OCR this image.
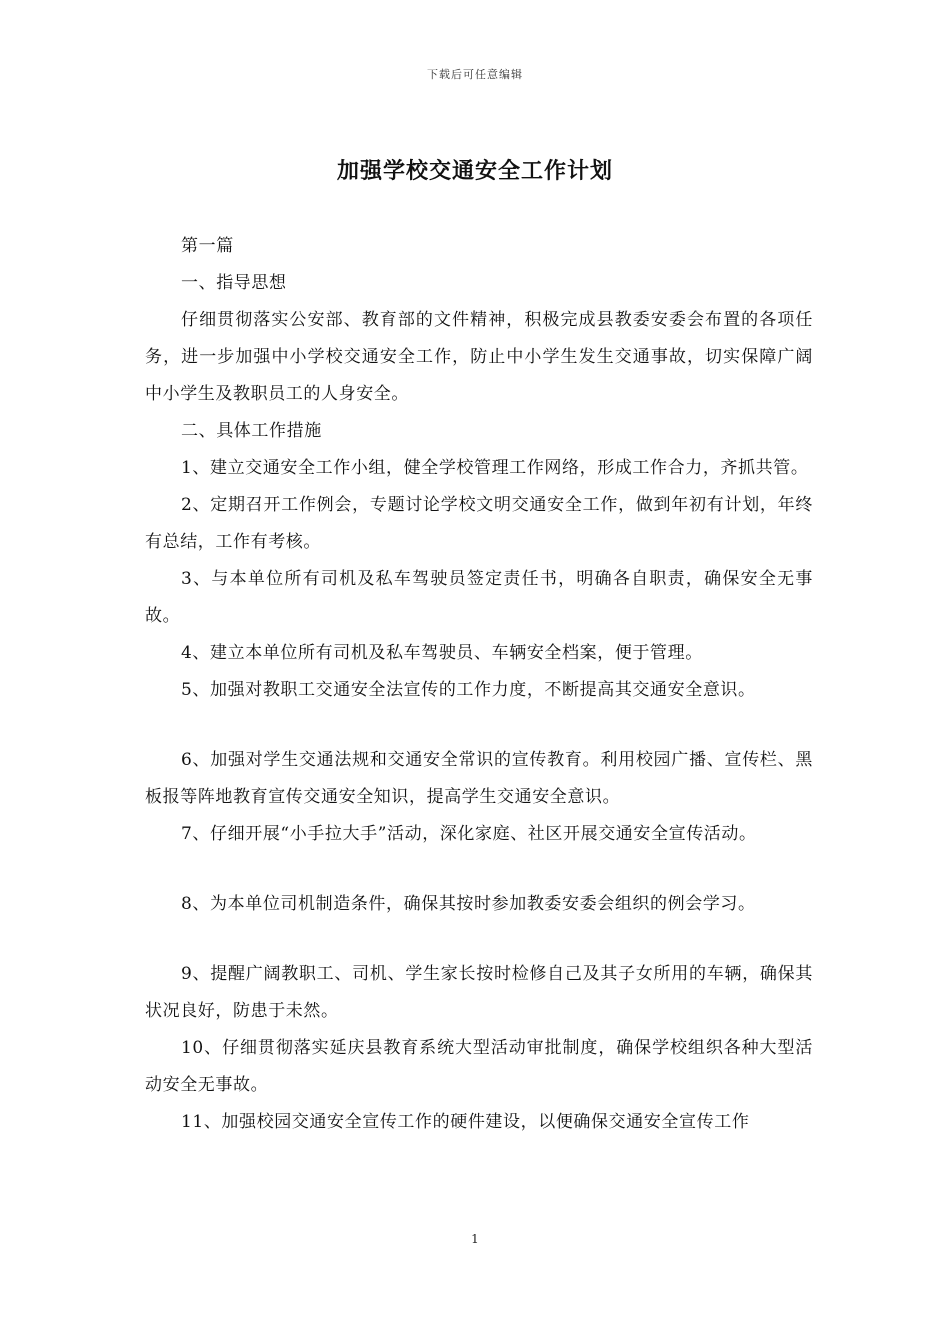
下载后可任意编辑
加强学校交通安全工作计划

第一篇

一、指导思想

仔细贯彻落实公安部、教育部的文件精神，积极完成县教委安委会布置的各项任务，进一步加强中小学校交通安全工作，防止中小学生发生交通事故，切实保障广阔中小学生及教职员工的人身安全。

二、具体工作措施

1、建立交通安全工作小组，健全学校管理工作网络，形成工作合力，齐抓共管。

2、定期召开工作例会，专题讨论学校文明交通安全工作，做到年初有计划，年终有总结，工作有考核。

3、与本单位所有司机及私车驾驶员签定责任书，明确各自职责，确保安全无事故。

4、建立本单位所有司机及私车驾驶员、车辆安全档案，便于管理。

5、加强对教职工交通安全法宣传的工作力度，不断提高其交通安全意识。

6、加强对学生交通法规和交通安全常识的宣传教育。利用校园广播、宣传栏、黑板报等阵地教育宣传交通安全知识，提高学生交通安全意识。

7、仔细开展“小手拉大手”活动，深化家庭、社区开展交通安全宣传活动。

8、为本单位司机制造条件，确保其按时参加教委安委会组织的例会学习。

9、提醒广阔教职工、司机、学生家长按时检修自己及其子女所用的车辆，确保其状况良好，防患于未然。

10、仔细贯彻落实延庆县教育系统大型活动审批制度，确保学校组织各种大型活动安全无事故。

11、加强校园交通安全宣传工作的硬件建设，以便确保交通安全宣传工作

1
